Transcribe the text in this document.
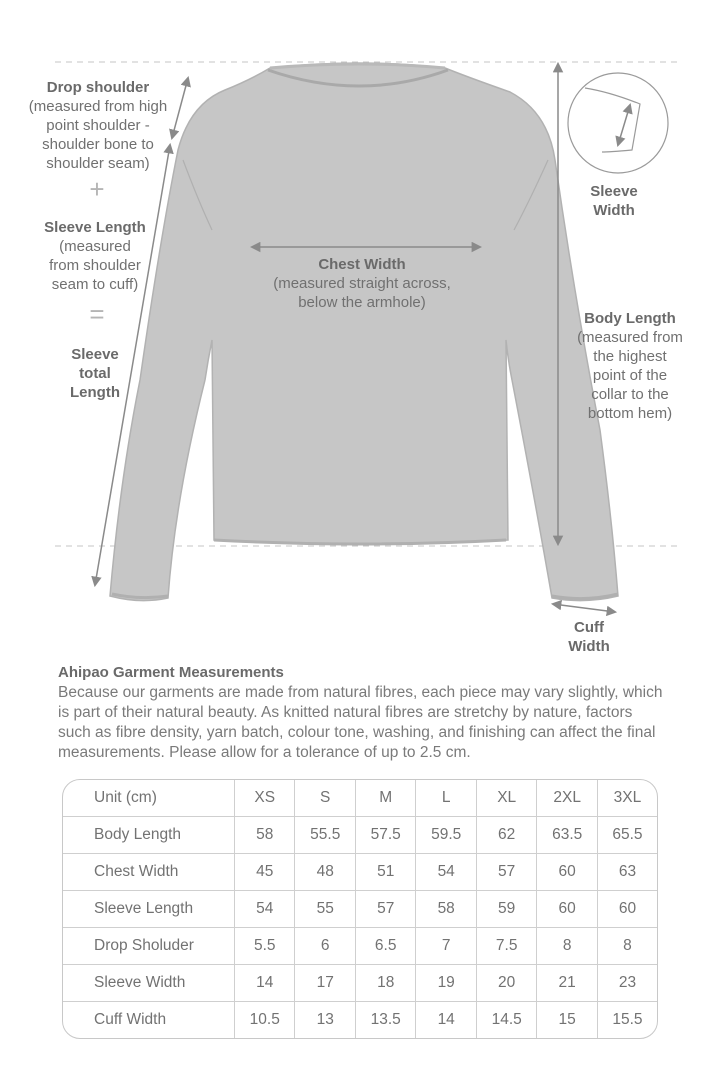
Drop shoulder
(measured from high
point shoulder -
shoulder bone to
shoulder seam)
+
Sleeve Length
(measured
from shoulder
seam to cuff)
=
Sleeve
total
Length
Chest Width
(measured straight across,
below the armhole)
Sleeve
Width
Body Length
(measured from
the highest
point of the
collar to the
bottom hem)
Cuff
Width

Ahipao Garment Measurements

Because our garments are made from natural fibres, each piece may vary slightly, which is part of their natural beauty. As knitted natural fibres are stretchy by nature, factors such as fibre density, yarn batch, colour tone, washing, and finishing can affect the final measurements. Please allow for a tolerance of up to 2.5 cm.

Unit (cm)	XS	S	M	L	XL	2XL	3XL
Body Length	58	55.5	57.5	59.5	62	63.5	65.5
Chest Width	45	48	51	54	57	60	63
Sleeve Length	54	55	57	58	59	60	60
Drop Sholuder	5.5	6	6.5	7	7.5	8	8
Sleeve Width	14	17	18	19	20	21	23
Cuff Width	10.5	13	13.5	14	14.5	15	15.5
